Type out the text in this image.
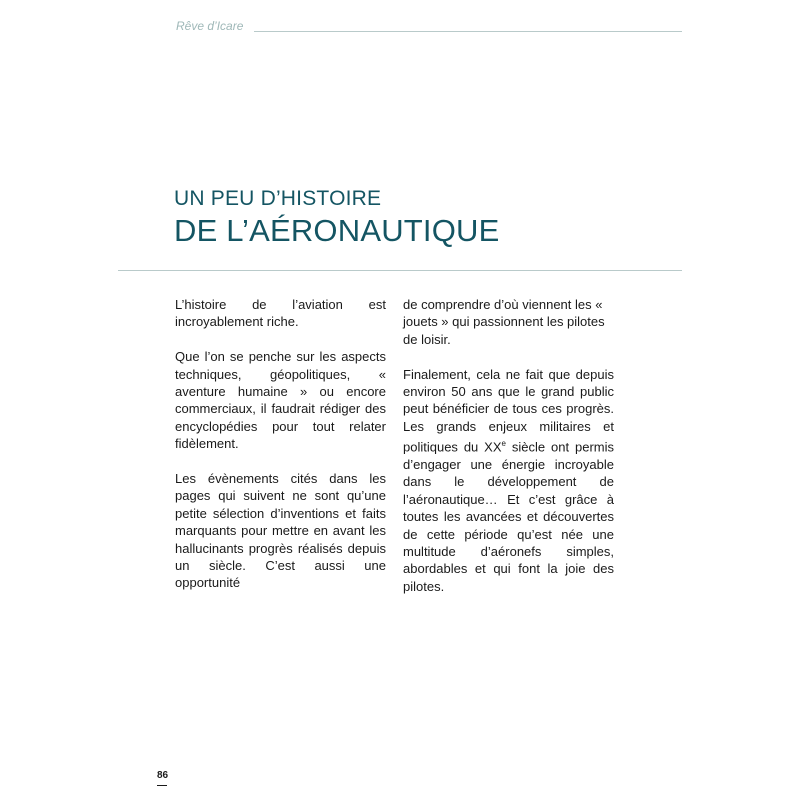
Rêve d’Icare

UN PEU D’HISTOIRE
DE L’AÉRONAUTIQUE

L’histoire de l’aviation est incroyablement riche.

Que l’on se penche sur les aspects techniques, géopolitiques, « aventure humaine » ou encore commerciaux, il faudrait rédiger des encyclopédies pour tout relater fidèlement.

Les évènements cités dans les pages qui suivent ne sont qu’une petite sélection d’inventions et faits marquants pour mettre en avant les hallucinants progrès réalisés depuis un siècle. C’est aussi une opportunité

de comprendre d’où viennent les « jouets » qui passionnent les pilotes de loisir.

Finalement, cela ne fait que depuis environ 50 ans que le grand public peut bénéficier de tous ces progrès. Les grands enjeux militaires et politiques du XXe siècle ont permis d’engager une énergie incroyable dans le développement de l’aéronautique… Et c’est grâce à toutes les avancées et découvertes de cette période qu’est née une multitude d’aéronefs simples, abordables et qui font la joie des pilotes.

86
